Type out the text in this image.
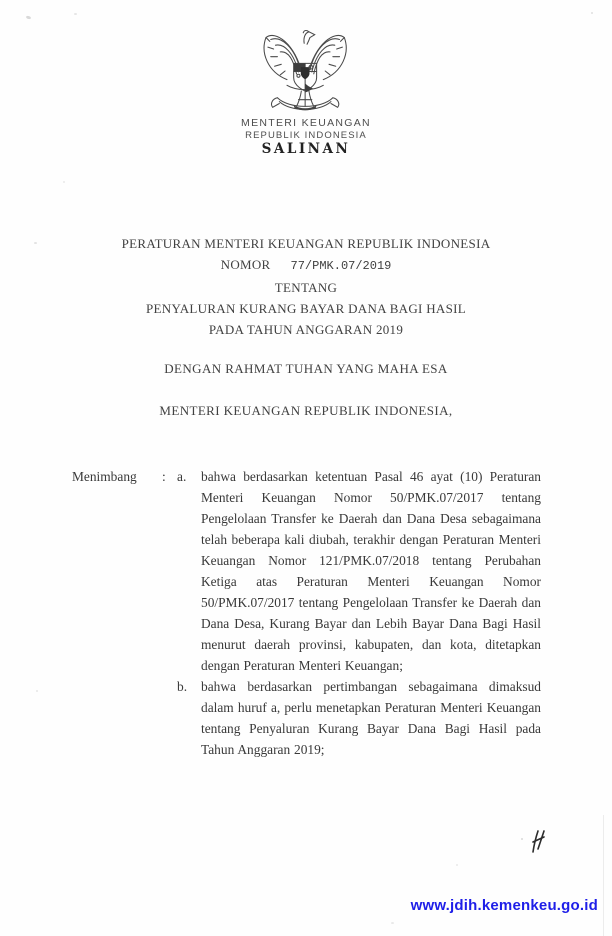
MENTERI KEUANGAN
REPUBLIK INDONESIA
SALINAN
PERATURAN MENTERI KEUANGAN REPUBLIK INDONESIA
NOMOR 77/PMK.07/2019
TENTANG
PENYALURAN KURANG BAYAR DANA BAGI HASIL
PADA TAHUN ANGGARAN 2019
DENGAN RAHMAT TUHAN YANG MAHA ESA
MENTERI KEUANGAN REPUBLIK INDONESIA,
Menimbang	: a.	bahwa berdasarkan ketentuan Pasal 46 ayat (10) Peraturan Menteri Keuangan Nomor 50/PMK.07/2017 tentang Pengelolaan Transfer ke Daerah dan Dana Desa sebagaimana telah beberapa kali diubah, terakhir dengan Peraturan Menteri Keuangan Nomor 121/PMK.07/2018 tentang Perubahan Ketiga atas Peraturan Menteri Keuangan Nomor 50/PMK.07/2017 tentang Pengelolaan Transfer ke Daerah dan Dana Desa, Kurang Bayar dan Lebih Bayar Dana Bagi Hasil menurut daerah provinsi, kabupaten, dan kota, ditetapkan dengan Peraturan Menteri Keuangan;
b.	bahwa berdasarkan pertimbangan sebagaimana dimaksud dalam huruf a, perlu menetapkan Peraturan Menteri Keuangan tentang Penyaluran Kurang Bayar Dana Bagi Hasil pada Tahun Anggaran 2019;
www.jdih.kemenkeu.go.id
